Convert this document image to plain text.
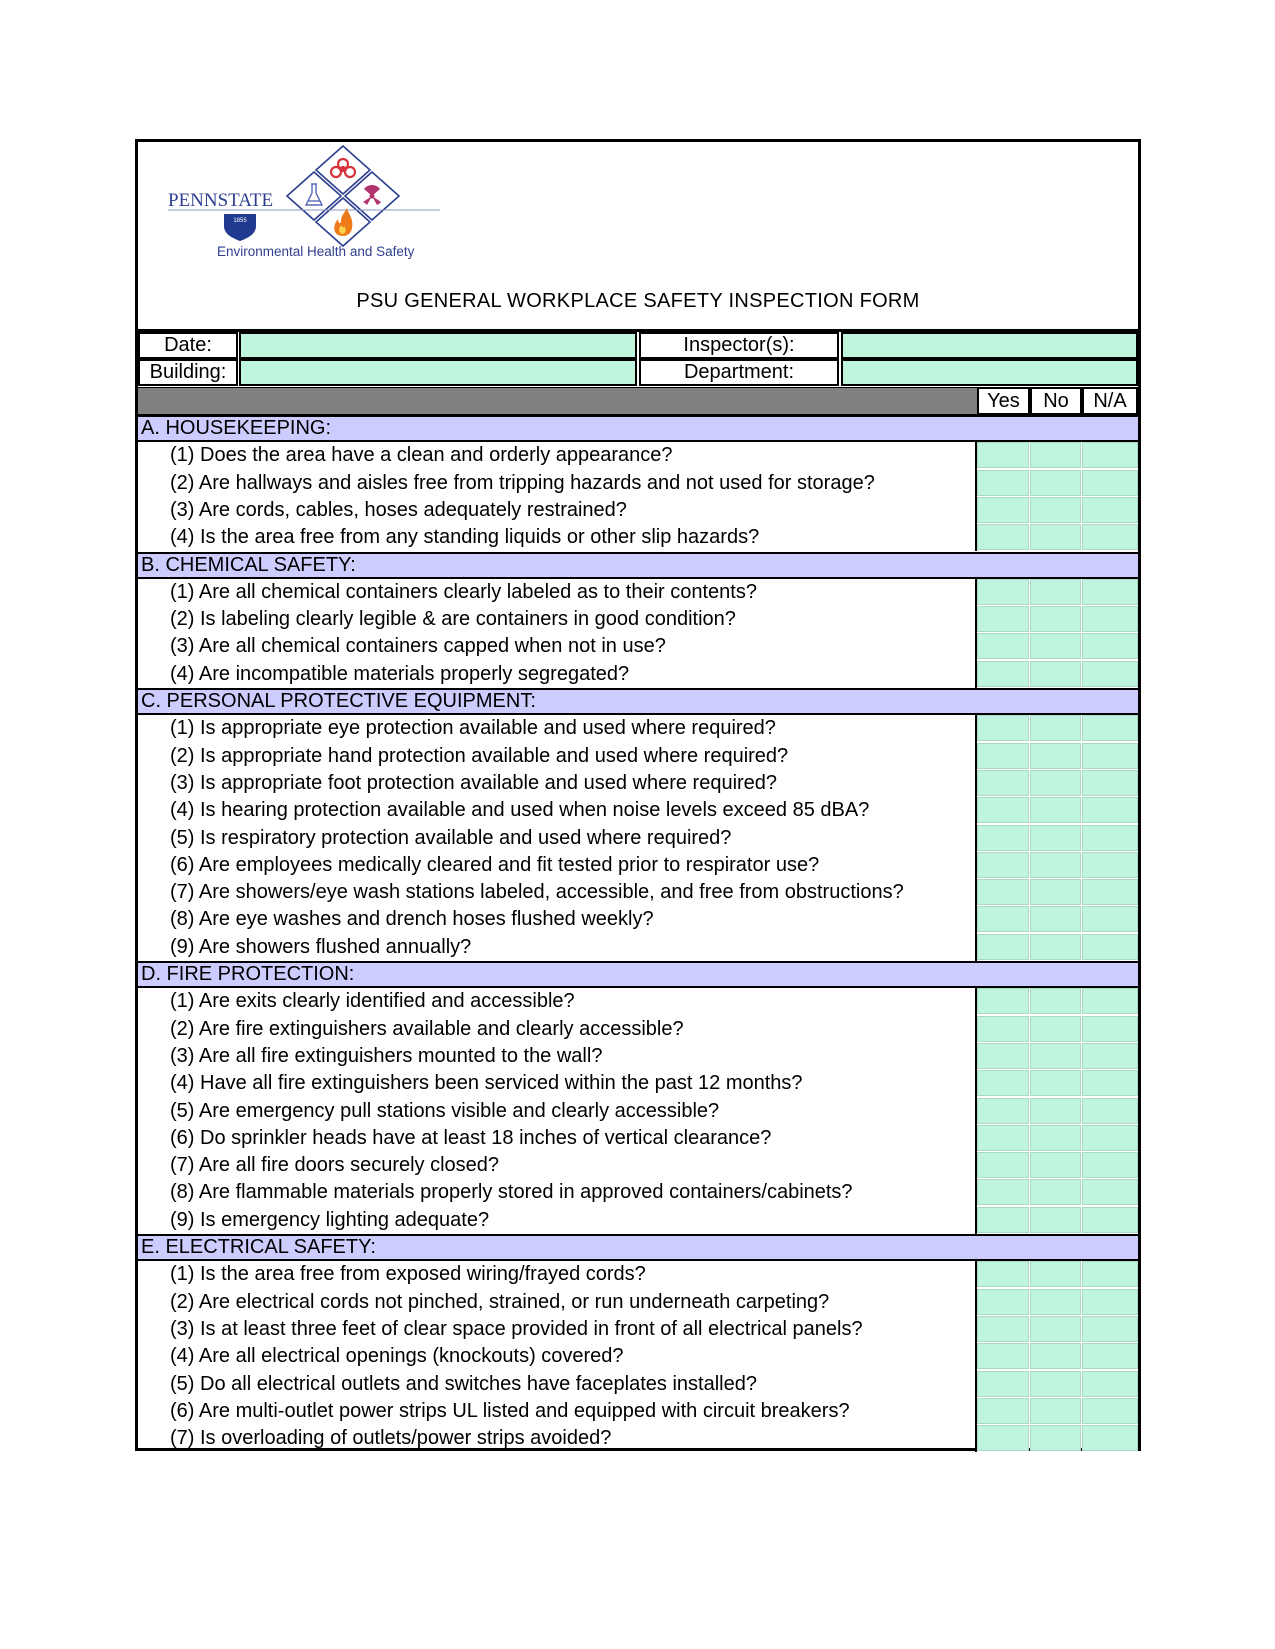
PENNSTATE
1855
Environmental Health and Safety
PSU GENERAL WORKPLACE SAFETY INSPECTION FORM
Date:	Inspector(s):
Building:	Department:
Yes	No	N/A
A. HOUSEKEEPING:
(1) Does the area have a clean and orderly appearance?
(2) Are hallways and aisles free from tripping hazards and not used for storage?
(3) Are cords, cables, hoses adequately restrained?
(4) Is the area free from any standing liquids or other slip hazards?
B. CHEMICAL SAFETY:
(1) Are all chemical containers clearly labeled as to their contents?
(2) Is labeling clearly legible & are containers in good condition?
(3) Are all chemical containers capped when not in use?
(4) Are incompatible materials properly segregated?
C. PERSONAL PROTECTIVE EQUIPMENT:
(1) Is appropriate eye protection available and used where required?
(2) Is appropriate hand protection available and used where required?
(3) Is appropriate foot protection available and used where required?
(4) Is hearing protection available and used when noise levels exceed 85 dBA?
(5) Is respiratory protection available and used where required?
(6) Are employees medically cleared and fit tested prior to respirator use?
(7) Are showers/eye wash stations labeled, accessible, and free from obstructions?
(8) Are eye washes and drench hoses flushed weekly?
(9) Are showers flushed annually?
D. FIRE PROTECTION:
(1) Are exits clearly identified and accessible?
(2) Are fire extinguishers available and clearly accessible?
(3) Are all fire extinguishers mounted to the wall?
(4) Have all fire extinguishers been serviced within the past 12 months?
(5) Are emergency pull stations visible and clearly accessible?
(6) Do sprinkler heads have at least 18 inches of vertical clearance?
(7) Are all fire doors securely closed?
(8) Are flammable materials properly stored in approved containers/cabinets?
(9) Is emergency lighting adequate?
E. ELECTRICAL SAFETY:
(1) Is the area free from exposed wiring/frayed cords?
(2) Are electrical cords not pinched, strained, or run underneath carpeting?
(3) Is at least three feet of clear space provided in front of all electrical panels?
(4) Are all electrical openings (knockouts) covered?
(5) Do all electrical outlets and switches have faceplates installed?
(6) Are multi-outlet power strips UL listed and equipped with circuit breakers?
(7) Is overloading of outlets/power strips avoided?
